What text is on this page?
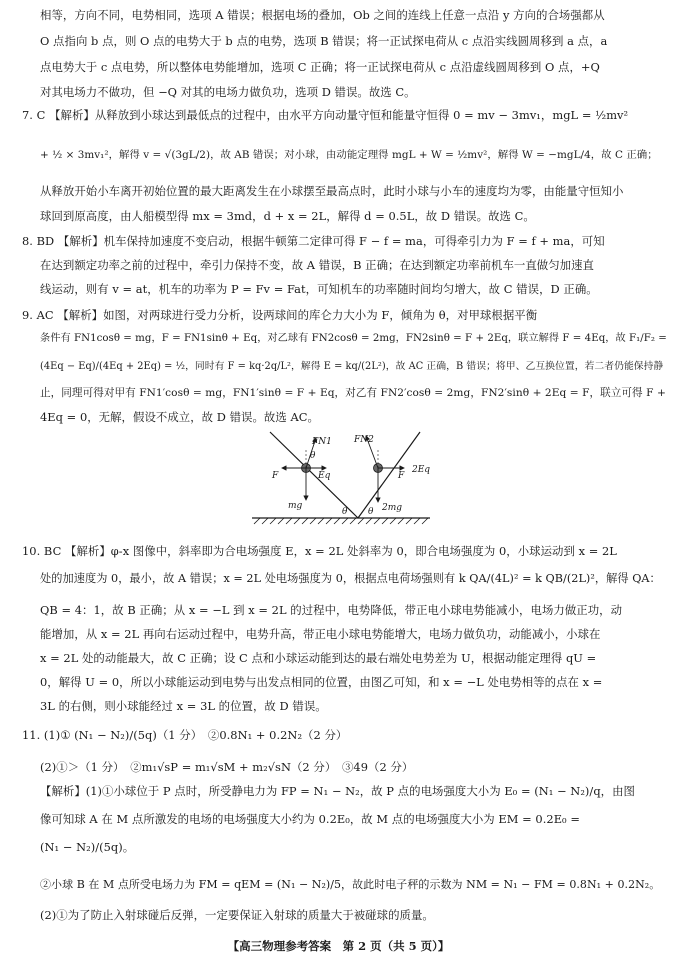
相等，方向不同，电势相同，选项 A 错误；根据电场的叠加，Ob 之间的连线上任意一点沿 y 方向的合场强都从
O 点指向 b 点，则 O 点的电势大于 b 点的电势，选项 B 错误；将一正试探电荷从 c 点沿实线圆周移到 a 点，a
点电势大于 c 点电势，所以整体电势能增加，选项 C 正确；将一正试探电荷从 c 点沿虚线圆周移到 O 点，+Q
对其电场力不做功，但 −Q 对其的电场力做负功，选项 D 错误。故选 C。
7. C 【解析】从释放到小球达到最低点的过程中，由水平方向动量守恒和能量守恒得 0 = mv − 3mv₁，mgL = ½mv²
+ ½ × 3mv₁²，解得 v = √(3gL/2)，故 AB 错误；对小球，由动能定理得 mgL + W = ½mv²，解得 W = −mgL/4，故 C 正确；
从释放开始小车离开初始位置的最大距离发生在小球摆至最高点时，此时小球与小车的速度均为零，由能量守恒知小
球回到原高度，由人船模型得 mx = 3md，d + x = 2L，解得 d = 0.5L，故 D 错误。故选 C。
8. BD 【解析】机车保持加速度不变启动，根据牛顿第二定律可得 F − f = ma，可得牵引力为 F = f + ma，可知
在达到额定功率之前的过程中，牵引力保持不变，故 A 错误，B 正确；在达到额定功率前机车一直做匀加速直
线运动，则有 v = at，机车的功率为 P = Fv = Fat，可知机车的功率随时间均匀增大，故 C 错误，D 正确。
9. AC 【解析】如图，对两球进行受力分析，设两球间的库仑力大小为 F，倾角为 θ，对甲球根据平衡
条件有 FN1cosθ = mg，F = FN1sinθ + Eq，对乙球有 FN2cosθ = 2mg，FN2sinθ = F + 2Eq，联立解得 F = 4Eq，故 F₁/F₂ =
(4Eq − Eq)/(4Eq + 2Eq) = ½，同时有 F = kq·2q/L²，解得 E = kq/(2L²)，故 AC 正确，B 错误；将甲、乙互换位置，若二者仍能保持静
止，同理可得对甲有 FN1′cosθ = mg，FN1′sinθ = F + Eq，对乙有 FN2′cosθ = 2mg，FN2′sinθ + 2Eq = F，联立可得 F +
4Eq = 0，无解，假设不成立，故 D 错误。故选 AC。
FN1 FN2
F	Eq	F
2Eq
mg	2mg
θ
θ θ
10. BC 【解析】φ-x 图像中，斜率即为合电场强度 E，x = 2L 处斜率为 0，即合电场强度为 0，小球运动到 x = 2L
处的加速度为 0，最小，故 A 错误；x = 2L 处电场强度为 0，根据点电荷场强则有 k QA/(4L)² = k QB/(2L)²，解得 QA：
QB = 4：1，故 B 正确；从 x = −L 到 x = 2L 的过程中，电势降低，带正电小球电势能减小，电场力做正功，动
能增加，从 x = 2L 再向右运动过程中，电势升高，带正电小球电势能增大，电场力做负功，动能减小，小球在
x = 2L 处的动能最大，故 C 正确；设 C 点和小球运动能到达的最右端处电势差为 U，根据动能定理得 qU =
0，解得 U = 0，所以小球能运动到电势与出发点相同的位置，由图乙可知，和 x = −L 处电势相等的点在 x =
3L 的右侧，则小球能经过 x = 3L 的位置，故 D 错误。
11. (1)① (N₁ − N₂)/(5q)（1 分）　②0.8N₁ + 0.2N₂（2 分）
(2)①＞（1 分）　②m₁√sP = m₁√sM + m₂√sN（2 分）　③49（2 分）
【解析】(1)①小球位于 P 点时，所受静电力为 FP = N₁ − N₂，故 P 点的电场强度大小为 E₀ = (N₁ − N₂)/q，由图
像可知球 A 在 M 点所激发的电场的电场强度大小约为 0.2E₀，故 M 点的电场强度大小为 EM = 0.2E₀ =
(N₁ − N₂)/(5q)。
②小球 B 在 M 点所受电场力为 FM = qEM = (N₁ − N₂)/5，故此时电子秤的示数为 NM = N₁ − FM = 0.8N₁ + 0.2N₂。
(2)①为了防止入射球碰后反弹，一定要保证入射球的质量大于被碰球的质量。
【高三物理参考答案　第 2 页（共 5 页）】
